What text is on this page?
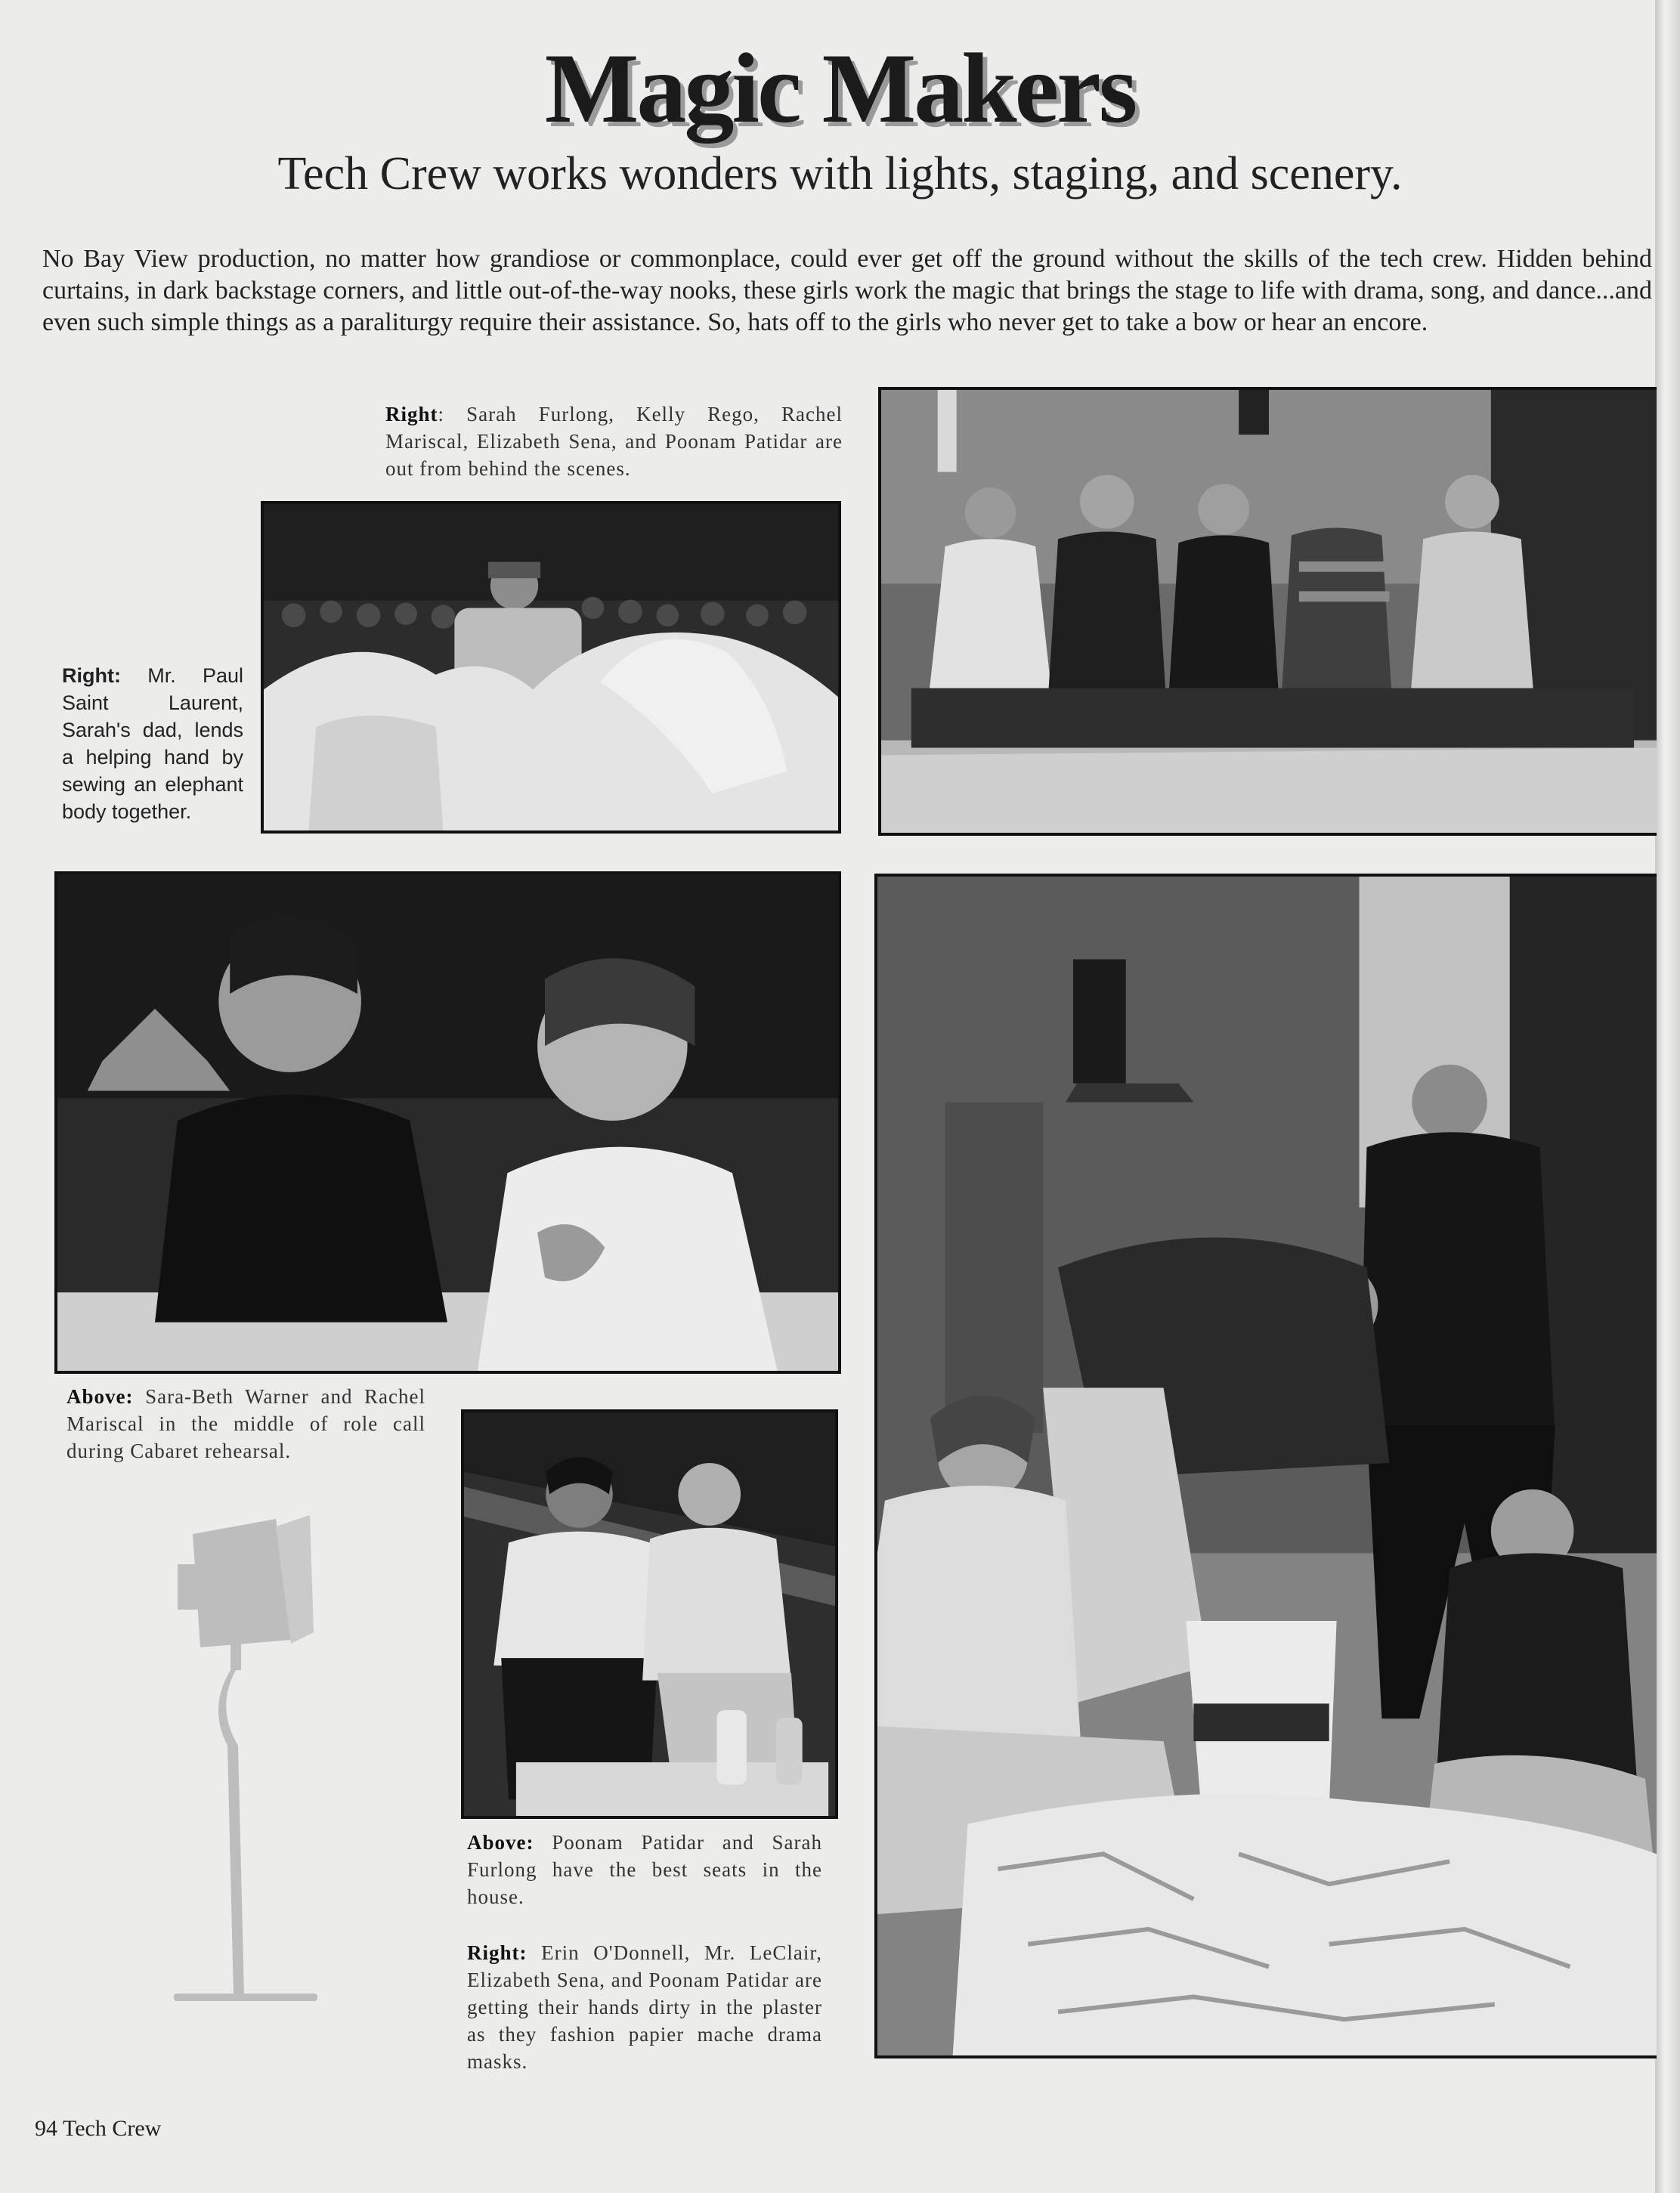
Magic Makers
Tech Crew works wonders with lights, staging, and scenery.

No Bay View production, no matter how grandiose or commonplace, could ever get off the ground without the skills of the tech crew. Hidden behind curtains, in dark backstage corners, and little out-of-the-way nooks, these girls work the magic that brings the stage to life with drama, song, and dance...and even such simple things as a paraliturgy require their assistance. So, hats off to the girls who never get to take a bow or hear an encore.

Right: Sarah Furlong, Kelly Rego, Rachel Mariscal, Elizabeth Sena, and Poonam Patidar are out from behind the scenes.
Right: Mr. Paul Saint Laurent, Sarah's dad, lends a helping hand by sewing an elephant body together.
Above: Sara-Beth Warner and Rachel Mariscal in the middle of role call during Cabaret rehearsal.
Above: Poonam Patidar and Sarah Furlong have the best seats in the house.
Right: Erin O'Donnell, Mr. LeClair, Elizabeth Sena, and Poonam Patidar are getting their hands dirty in the plaster as they fashion papier mache drama masks.
94 Tech Crew
